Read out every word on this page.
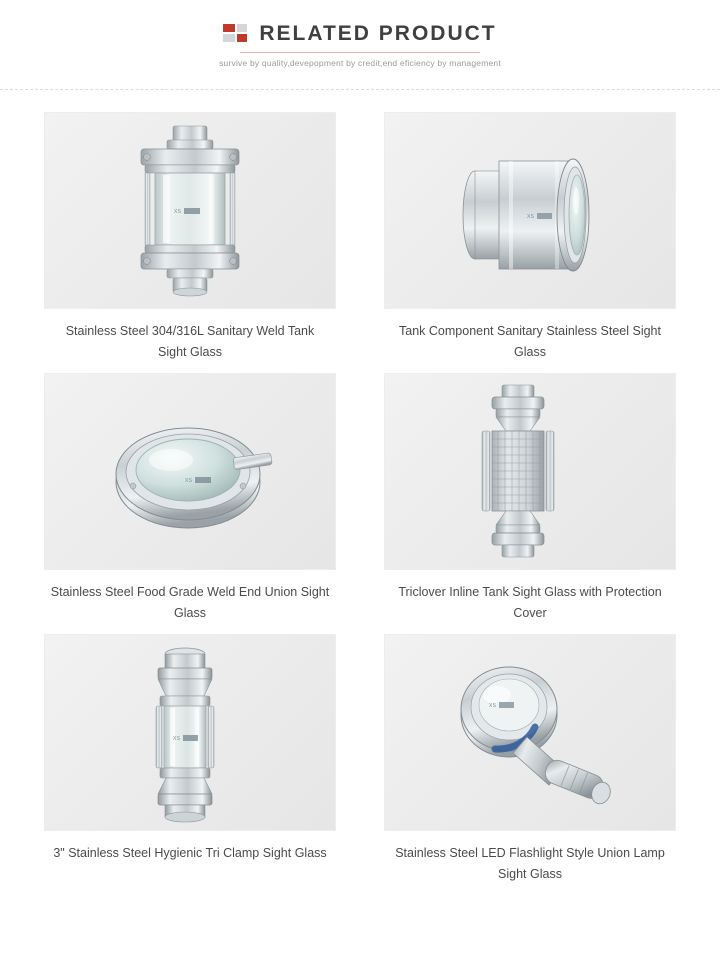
RELATED PRODUCT
survive by quality,devepopment by credit,end eficiency by management
XS
Stainless Steel 304/316L Sanitary Weld Tank Sight Glass
XS
Tank Component Sanitary Stainless Steel Sight Glass
XS
Stainless Steel Food Grade Weld End Union Sight Glass
Triclover Inline Tank Sight Glass with Protection Cover
XS
3" Stainless Steel Hygienic Tri Clamp Sight Glass
XS
Stainless Steel LED Flashlight Style Union Lamp Sight Glass
